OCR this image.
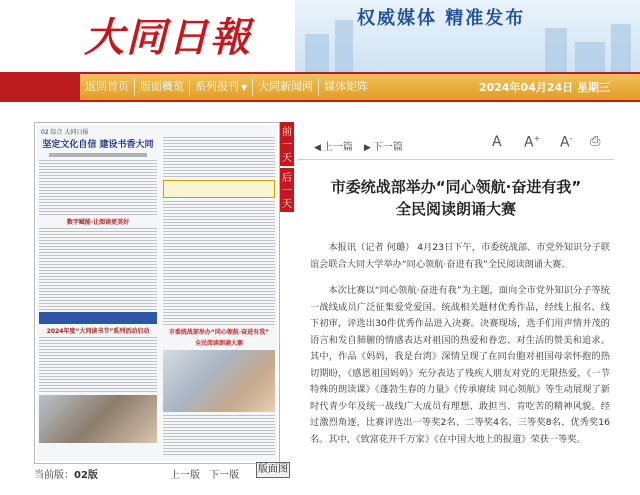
大同日報	权威媒体 精准发布
返回首页	版面概览	系列报刊 ▼	大同新闻网	媒体矩阵	2024年04月24日 星期三
02 综合 大同日报
坚定文化自信 建设书香大同
数字赋能·让阅读更美好
2024年度“大同读书节”系列活动启动	市委统战部举办“同心领航·奋进有我”
全民阅读朗诵大赛
当前版：02版	上一版 下一版
版面图
前一天
后一天
◀ 上一篇 ▶ 下一篇	A A+ A- ⎙
市委统战部举办“同心领航·奋进有我”
全民阅读朗诵大赛

本报讯（记者 何璐） 4月23日下午，市委统战部、市党外知识分子联谊会联合大同大学举办“同心领航·奋进有我”全民阅读朗诵大赛。

本次比赛以“同心领航·奋进有我”为主题，面向全市党外知识分子等统一战线成员广泛征集爱党爱国、统战相关题材优秀作品，经线上报名、线下初审，评选出30件优秀作品进入决赛。决赛现场，选手们用声情并茂的语言和发自肺腑的情感表达对祖国的热爱和眷恋、对生活的赞美和追求。其中，作品《妈妈，我是台湾》深情呈现了在同台胞对祖国母亲怀抱的热切期盼，《感恩祖国妈妈》充分表达了残疾人朋友对党的无限热爱，《一节特殊的朗读课》《蓬勃生春的力量》《传承赓续 同心领航》等生动展现了新时代青少年及统一战线广大成员有理想、敢担当、肯吃苦的精神风貌。经过激烈角逐，比赛评选出一等奖2名、二等奖4名、三等奖8名、优秀奖16名。其中，《致富花开千万家》《在中国大地上的报道》荣获一等奖。
